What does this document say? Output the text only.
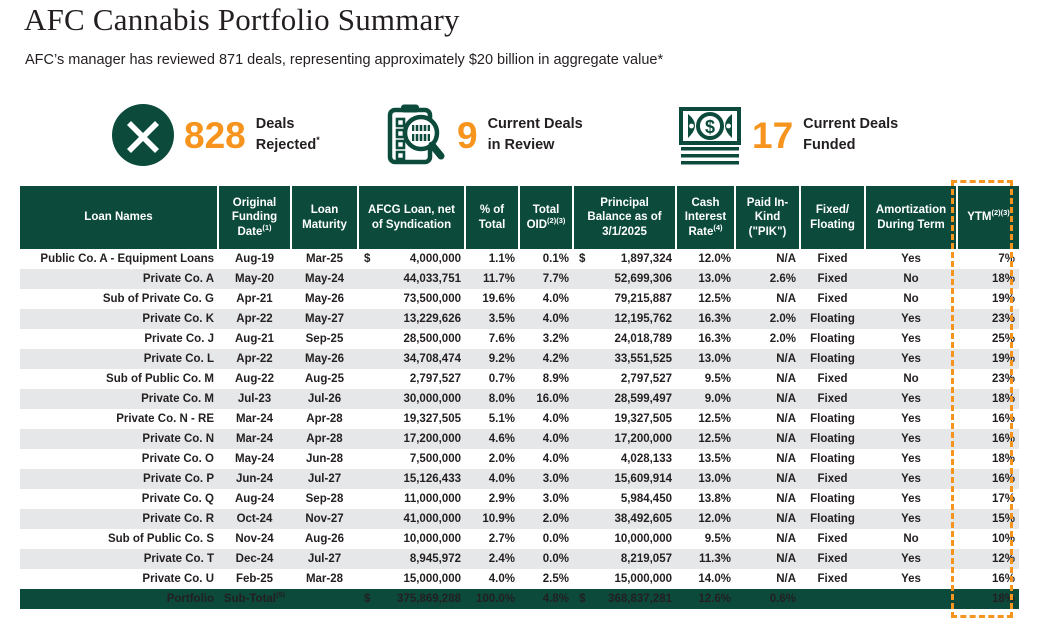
AFC Cannabis Portfolio Summary
AFC’s manager has reviewed 871 deals, representing approximately $20 billion in aggregate value*
828 Deals
Rejected*	9 Current Deals
in Review
$ 17 Current Deals
Funded
Loan Names	Original Funding Date$^{(1)}$	Loan Maturity	AFCG Loan, net of Syndication	% of Total	Total $OID^{(2)(3)}$	Principal Balance as of 3/1/2025	Cash Interest Rate$^{(4)}$	Paid In-Kind ("PIK")	Fixed/ Floating	Amortization During Term	$YTM^{(2)(3)}$
Public Co. A - Equipment Loans	Aug-19	Mar-25	$ 4,000,000	1.1%	0.1%	$ 1,897,324	12.0%	N/A	Fixed	Yes	7%
Private Co. A	May-20	May-24	44,033,751	11.7%	7.7%	52,699,306	13.0%	2.6%	Fixed	No	18%
Sub of Private Co. G	Apr-21	May-26	73,500,000	19.6%	4.0%	79,215,887	12.5%	N/A	Fixed	No	19%
Private Co. K	Apr-22	May-27	13,229,626	3.5%	4.0%	12,195,762	16.3%	2.0%	Floating	Yes	23%
Private Co. J	Aug-21	Sep-25	28,500,000	7.6%	3.2%	24,018,789	16.3%	2.0%	Floating	Yes	25%
Private Co. L	Apr-22	May-26	34,708,474	9.2%	4.2%	33,551,525	13.0%	N/A	Floating	Yes	19%
Sub of Public Co. M	Aug-22	Aug-25	2,797,527	0.7%	8.9%	2,797,527	9.5%	N/A	Fixed	No	23%
Private Co. M	Jul-23	Jul-26	30,000,000	8.0%	16.0%	28,599,497	9.0%	N/A	Fixed	Yes	18%
Private Co. N - RE	Mar-24	Apr-28	19,327,505	5.1%	4.0%	19,327,505	12.5%	N/A	Floating	Yes	16%
Private Co. N	Mar-24	Apr-28	17,200,000	4.6%	4.0%	17,200,000	12.5%	N/A	Floating	Yes	16%
Private Co. O	May-24	Jun-28	7,500,000	2.0%	4.0%	4,028,133	13.5%	N/A	Floating	Yes	18%
Private Co. P	Jun-24	Jul-27	15,126,433	4.0%	3.0%	15,609,914	13.0%	N/A	Fixed	Yes	16%
Private Co. Q	Aug-24	Sep-28	11,000,000	2.9%	3.0%	5,984,450	13.8%	N/A	Floating	Yes	17%
Private Co. R	Oct-24	Nov-27	41,000,000	10.9%	2.0%	38,492,605	12.0%	N/A	Floating	Yes	15%
Sub of Public Co. S	Nov-24	Aug-26	10,000,000	2.7%	0.0%	10,000,000	9.5%	N/A	Fixed	No	10%
Private Co. T	Dec-24	Jul-27	8,945,972	2.4%	0.0%	8,219,057	11.3%	N/A	Fixed	Yes	12%
Private Co. U	Feb-25	Mar-28	15,000,000	4.0%	2.5%	15,000,000	14.0%	N/A	Fixed	Yes	16%
Portfolio	Sub-Total$^{(5)}$		$ 375,869,288	100.0%	4.8%	$ 368,837,281	12.6%	0.6%			18%
